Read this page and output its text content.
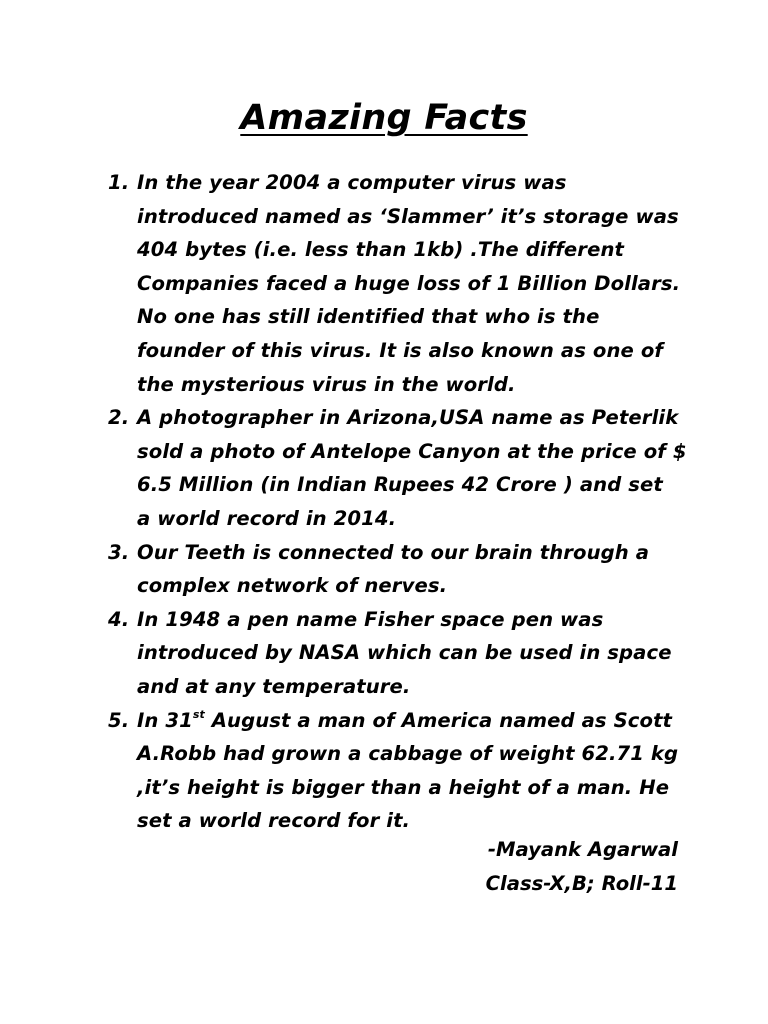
Amazing Facts
1. In the year 2004 a computer virus was
introduced named as ‘Slammer’ it’s storage was
404 bytes (i.e. less than 1kb) .The different
Companies faced a huge loss of 1 Billion Dollars.
No one has still identified that who is the
founder of this virus. It is also known as one of
the mysterious virus in the world.
2. A photographer in Arizona,USA name as Peterlik
sold a photo of Antelope Canyon at the price of $
6.5 Million (in Indian Rupees 42 Crore ) and set
a world record in 2014.
3. Our Teeth is connected to our brain through a
complex network of nerves.
4. In 1948 a pen name Fisher space pen was
introduced by NASA which can be used in space
and at any temperature.
5. In 31st August a man of America named as Scott
A.Robb had grown a cabbage of weight 62.71 kg
,it’s height is bigger than a height of a man. He
set a world record for it.

-Mayank Agarwal

Class-X,B; Roll-11
